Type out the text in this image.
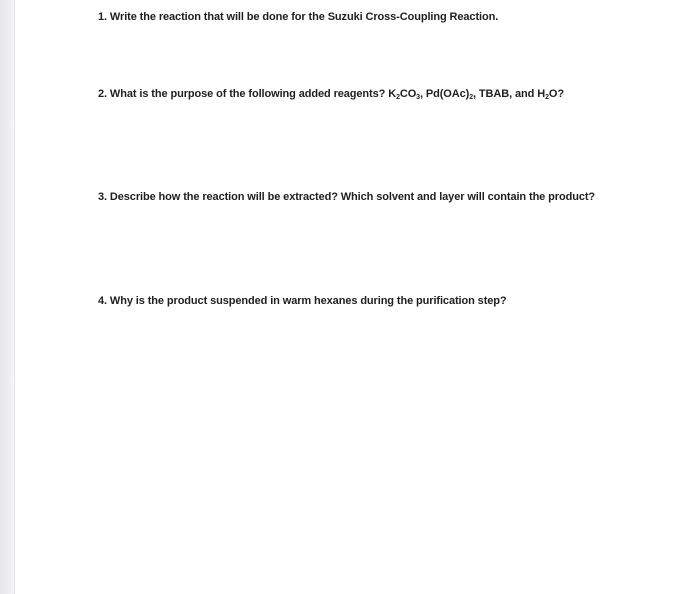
1. Write the reaction that will be done for the Suzuki Cross-Coupling Reaction.

2. What is the purpose of the following added reagents? $K_2CO_3$, $Pd(OAc)_2$, TBAB, and $H_2O$?

3. Describe how the reaction will be extracted? Which solvent and layer will contain the product?

4. Why is the product suspended in warm hexanes during the purification step?
